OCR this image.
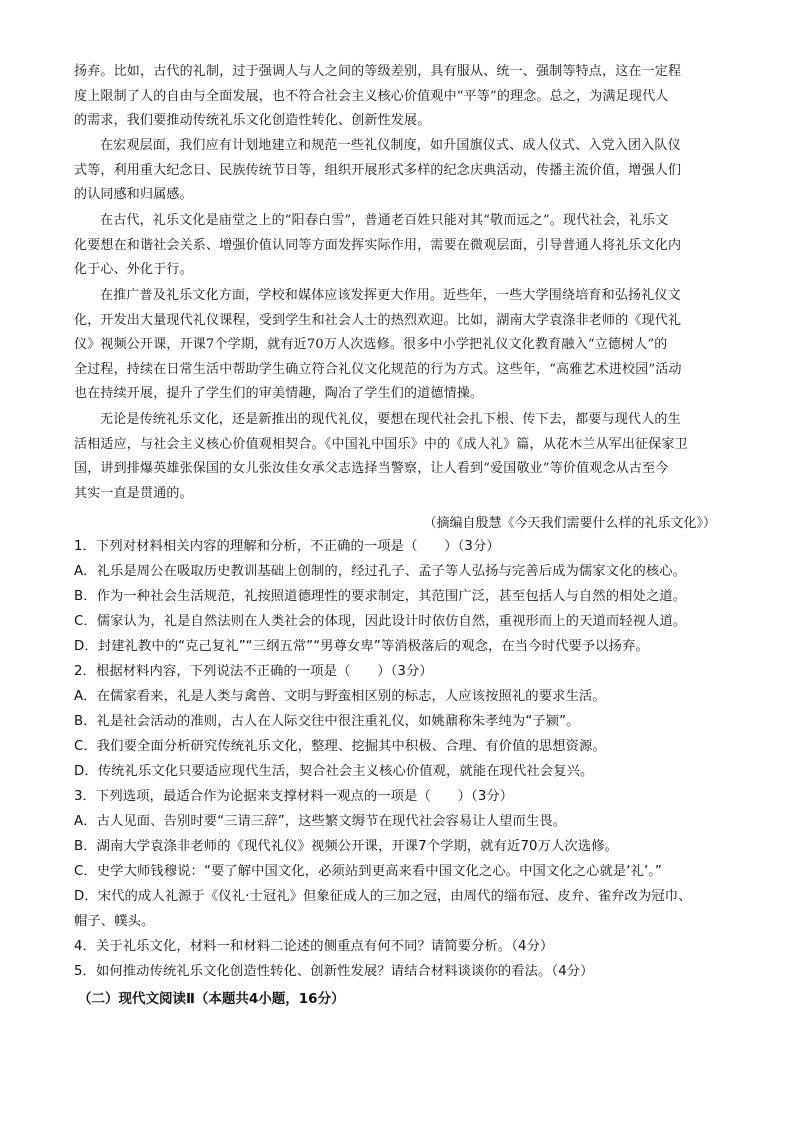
扬弃。比如，古代的礼制，过于强调人与人之间的等级差别，具有服从、统一、强制等特点，这在一定程
度上限制了人的自由与全面发展，也不符合社会主义核心价值观中“平等”的理念。总之，为满足现代人
的需求，我们要推动传统礼乐文化创造性转化、创新性发展。
在宏观层面，我们应有计划地建立和规范一些礼仪制度，如升国旗仪式、成人仪式、入党入团入队仪
式等，利用重大纪念日、民族传统节日等，组织开展形式多样的纪念庆典活动，传播主流价值，增强人们
的认同感和归属感。
在古代，礼乐文化是庙堂之上的“阳春白雪”，普通老百姓只能对其“敬而远之”。现代社会，礼乐文
化要想在和谐社会关系、增强价值认同等方面发挥实际作用，需要在微观层面，引导普通人将礼乐文化内
化于心、外化于行。
在推广普及礼乐文化方面，学校和媒体应该发挥更大作用。近些年，一些大学围绕培育和弘扬礼仪文
化，开发出大量现代礼仪课程，受到学生和社会人士的热烈欢迎。比如，湖南大学袁涤非老师的《现代礼
仪》视频公开课，开课7个学期，就有近70万人次选修。很多中小学把礼仪文化教育融入“立德树人”的
全过程，持续在日常生活中帮助学生确立符合礼仪文化规范的行为方式。这些年，“高雅艺术进校园”活动
也在持续开展，提升了学生们的审美情趣，陶冶了学生们的道德情操。
无论是传统礼乐文化，还是新推出的现代礼仪，要想在现代社会扎下根、传下去，都要与现代人的生
活相适应，与社会主义核心价值观相契合。《中国礼中国乐》中的《成人礼》篇，从花木兰从军出征保家卫
国，讲到排爆英雄张保国的女儿张汝佳女承父志选择当警察，让人看到“爱国敬业”等价值观念从古至今
其实一直是贯通的。
（摘编自殷慧《今天我们需要什么样的礼乐文化》）
1．下列对材料相关内容的理解和分析，不正确的一项是（　　）（3分）
A．礼乐是周公在吸取历史教训基础上创制的，经过孔子、孟子等人弘扬与完善后成为儒家文化的核心。
B．作为一种社会生活规范，礼按照道德理性的要求制定，其范围广泛，甚至包括人与自然的相处之道。
C．儒家认为，礼是自然法则在人类社会的体现，因此设计时依仿自然，重视形而上的天道而轻视人道。
D．封建礼教中的“克己复礼”“三纲五常”“男尊女卑”等消极落后的观念，在当今时代要予以扬弃。
2．根据材料内容，下列说法不正确的一项是（　　）（3分）
A．在儒家看来，礼是人类与禽兽、文明与野蛮相区别的标志，人应该按照礼的要求生活。
B．礼是社会活动的准则，古人在人际交往中很注重礼仪，如姚鼐称朱孝纯为“子颍”。
C．我们要全面分析研究传统礼乐文化，整理、挖掘其中积极、合理、有价值的思想资源。
D．传统礼乐文化只要适应现代生活，契合社会主义核心价值观，就能在现代社会复兴。
3．下列选项，最适合作为论据来支撑材料一观点的一项是（　　）（3分）
A．古人见面、告别时要“三请三辞”，这些繁文缛节在现代社会容易让人望而生畏。
B．湖南大学袁涤非老师的《现代礼仪》视频公开课，开课7个学期，就有近70万人次选修。
C．史学大师钱穆说：“要了解中国文化，必须站到更高来看中国文化之心。中国文化之心就是‘礼’。”
D．宋代的成人礼源于《仪礼·士冠礼》但象征成人的三加之冠，由周代的缁布冠、皮弁、雀弁改为冠巾、
帽子、幞头。
4．关于礼乐文化，材料一和材料二论述的侧重点有何不同？请简要分析。（4分）
5．如何推动传统礼乐文化创造性转化、创新性发展？请结合材料谈谈你的看法。（4分）
（二）现代文阅读Ⅱ（本题共4小题，16分）
